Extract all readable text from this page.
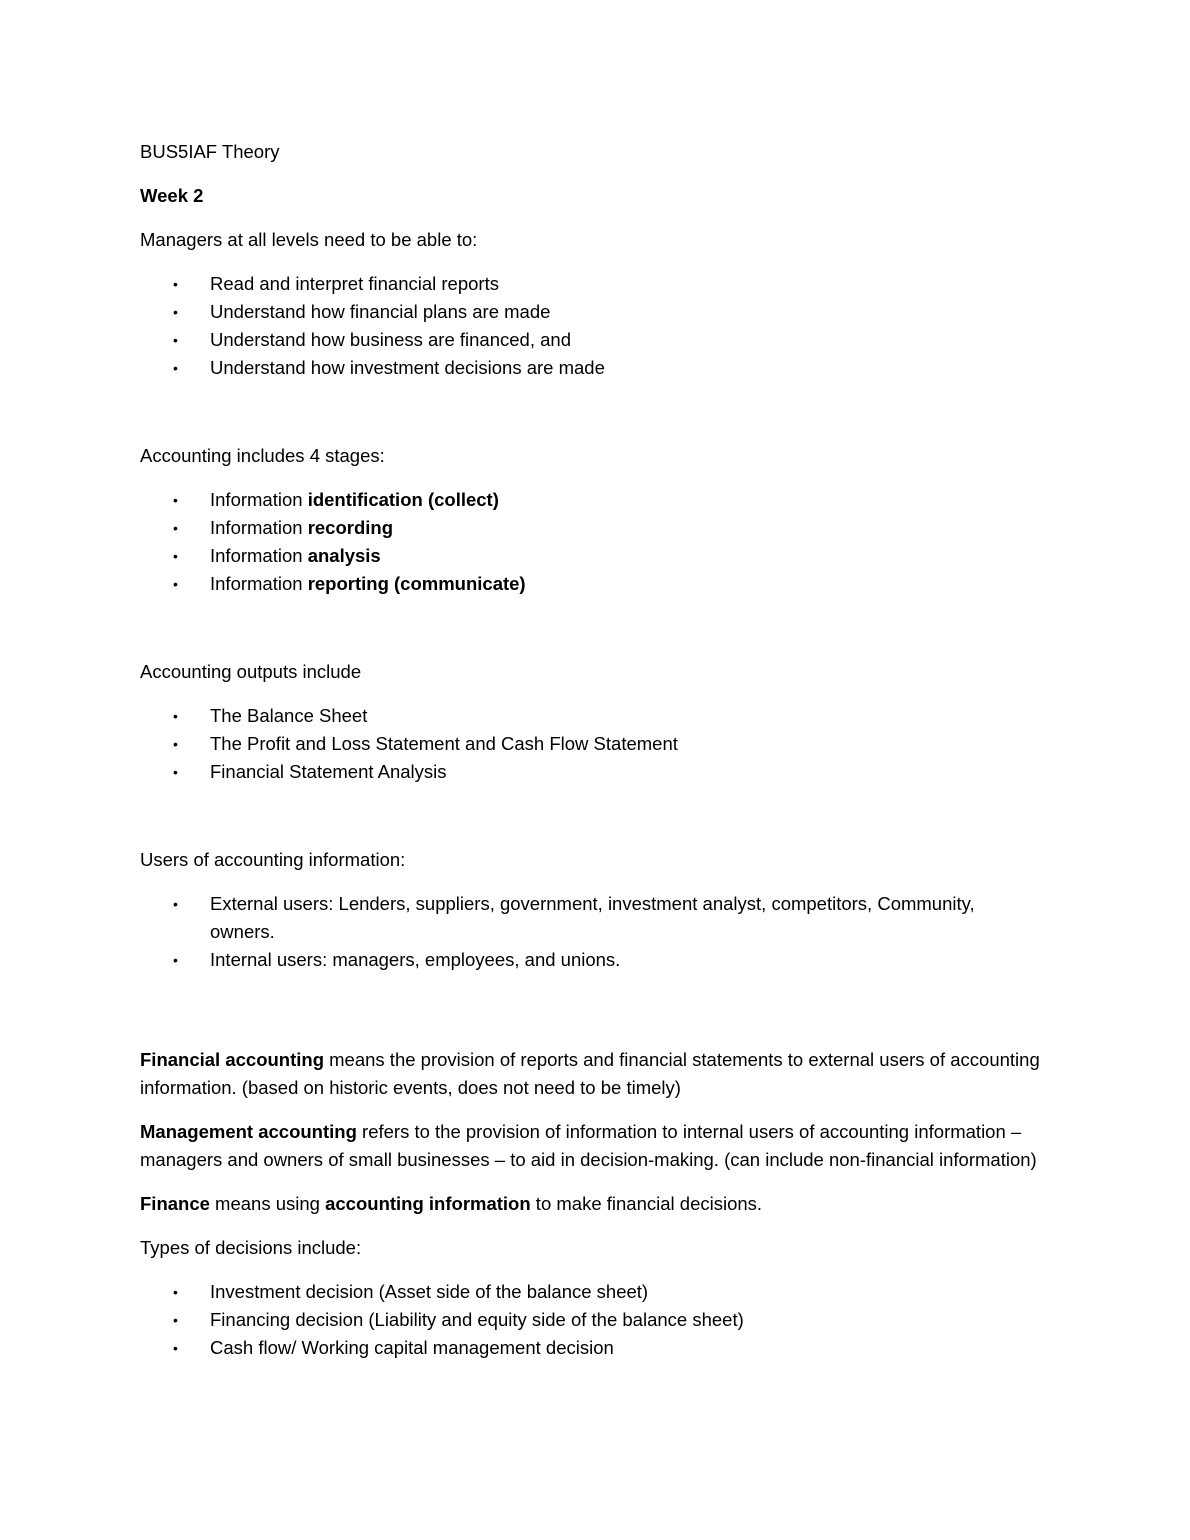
BUS5IAF Theory

Week 2

Managers at all levels need to be able to:

• Read and interpret financial reports
• Understand how financial plans are made
• Understand how business are financed, and
• Understand how investment decisions are made

Accounting includes 4 stages:

• Information identification (collect)
• Information recording
• Information analysis
• Information reporting (communicate)

Accounting outputs include

• The Balance Sheet
• The Profit and Loss Statement and Cash Flow Statement
• Financial Statement Analysis

Users of accounting information:

• External users: Lenders, suppliers, government, investment analyst, competitors, Community, owners.
• Internal users: managers, employees, and unions.

Financial accounting means the provision of reports and financial statements to external users of accounting information. (based on historic events, does not need to be timely)

Management accounting refers to the provision of information to internal users of accounting information – managers and owners of small businesses – to aid in decision-making. (can include non-financial information)

Finance means using accounting information to make financial decisions.

Types of decisions include:

• Investment decision (Asset side of the balance sheet)
• Financing decision (Liability and equity side of the balance sheet)
• Cash flow/ Working capital management decision
